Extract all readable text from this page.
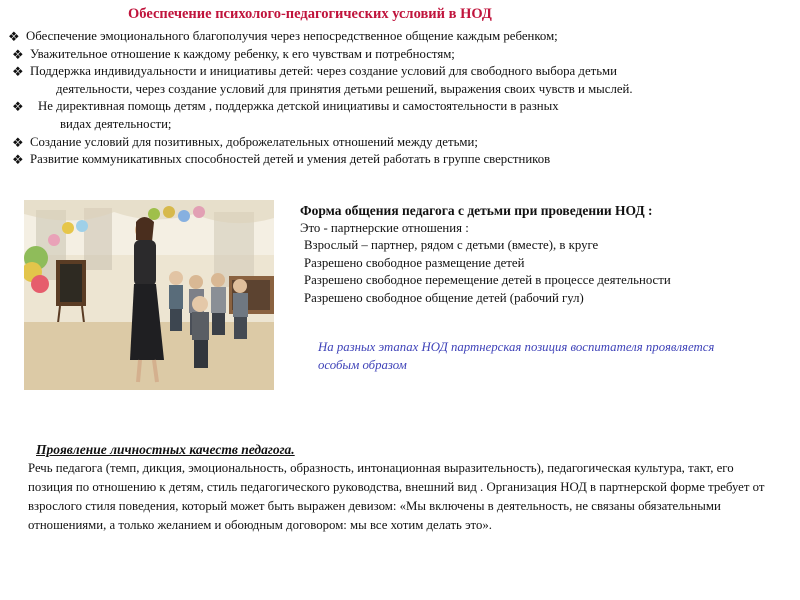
Обеспечение психолого-педагогических условий в НОД
❖ Обеспечение эмоционального благополучия через непосредственное общение каждым ребенком;
❖ Уважительное отношение к каждому ребенку, к его чувствам и потребностям;
❖ Поддержка индивидуальности и инициативы детей: через создание условий для свободного выбора детьми
деятельности, через создание условий для принятия детьми решений, выражения своих чувств и мыслей.
❖	Не директивная помощь детям , поддержка детской инициативы и самостоятельности в разных
видах деятельности;
❖ Создание условий для позитивных, доброжелательных отношений между детьми;
❖ Развитие коммуникативных способностей детей и умения детей работать в группе сверстников
Форма общения педагога с детьми при проведении НОД :
Это - партнерские отношения :
Взрослый – партнер, рядом с детьми (вместе), в круге
Разрешено свободное размещение детей
Разрешено свободное перемещение детей в процессе деятельности
Разрешено свободное общение детей (рабочий гул)
На разных этапах НОД партнерская позиция воспитателя проявляется особым образом
Проявление личностных качеств педагога.
Речь педагога (темп, дикция, эмоциональность, образность, интонационная выразительность), педагогическая культура, такт, его позиция по отношению к детям, стиль педагогического руководства, внешний вид . Организация НОД в партнерской форме требует от взрослого стиля поведения, который может быть выражен девизом: «Мы включены в деятельность, не связаны обязательными отношениями, а только желанием и обоюдным договором: мы все хотим делать это».
